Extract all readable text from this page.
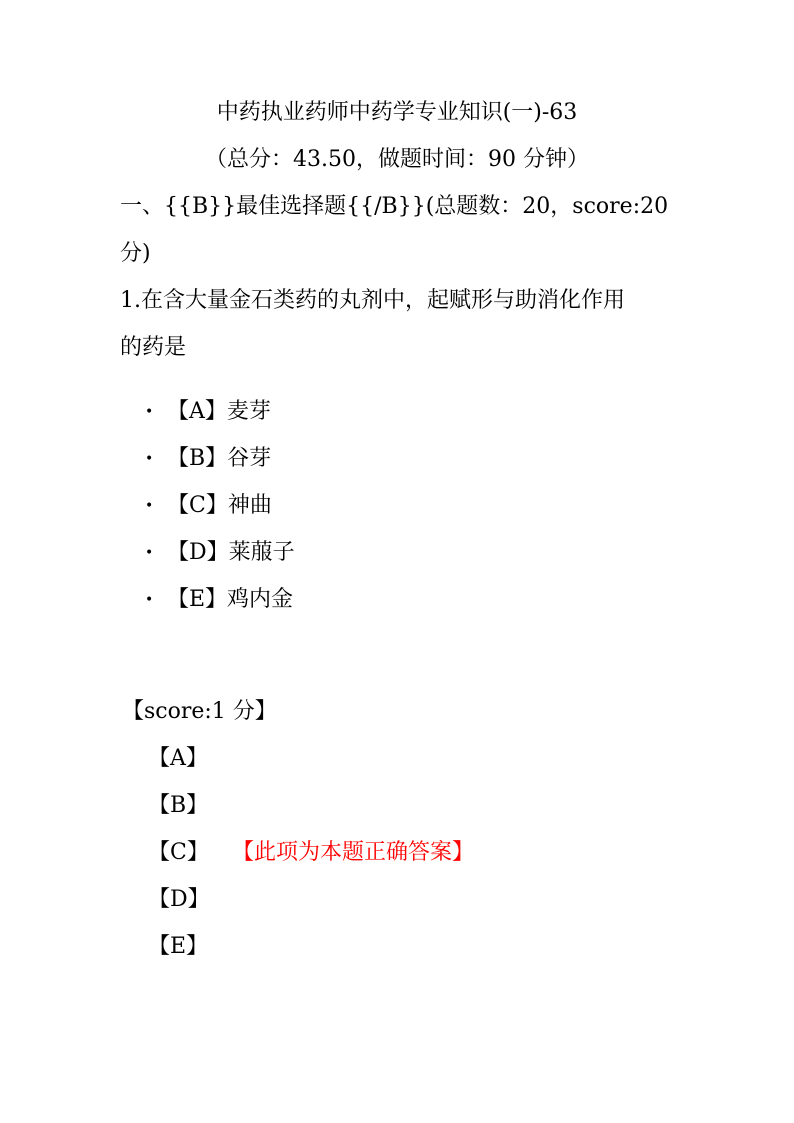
中药执业药师中药学专业知识(一)-63
（总分：43.50，做题时间：90 分钟）
一、{{B}}最佳选择题{{/B}}(总题数：20，score:20
分)
1.在含大量金石类药的丸剂中，起赋形与助消化作用
的药是
• 【A】麦芽
• 【B】谷芽
• 【C】神曲
• 【D】莱菔子
• 【E】鸡内金
【score:1 分】
【A】
【B】
【C】 【此项为本题正确答案】
【D】
【E】
